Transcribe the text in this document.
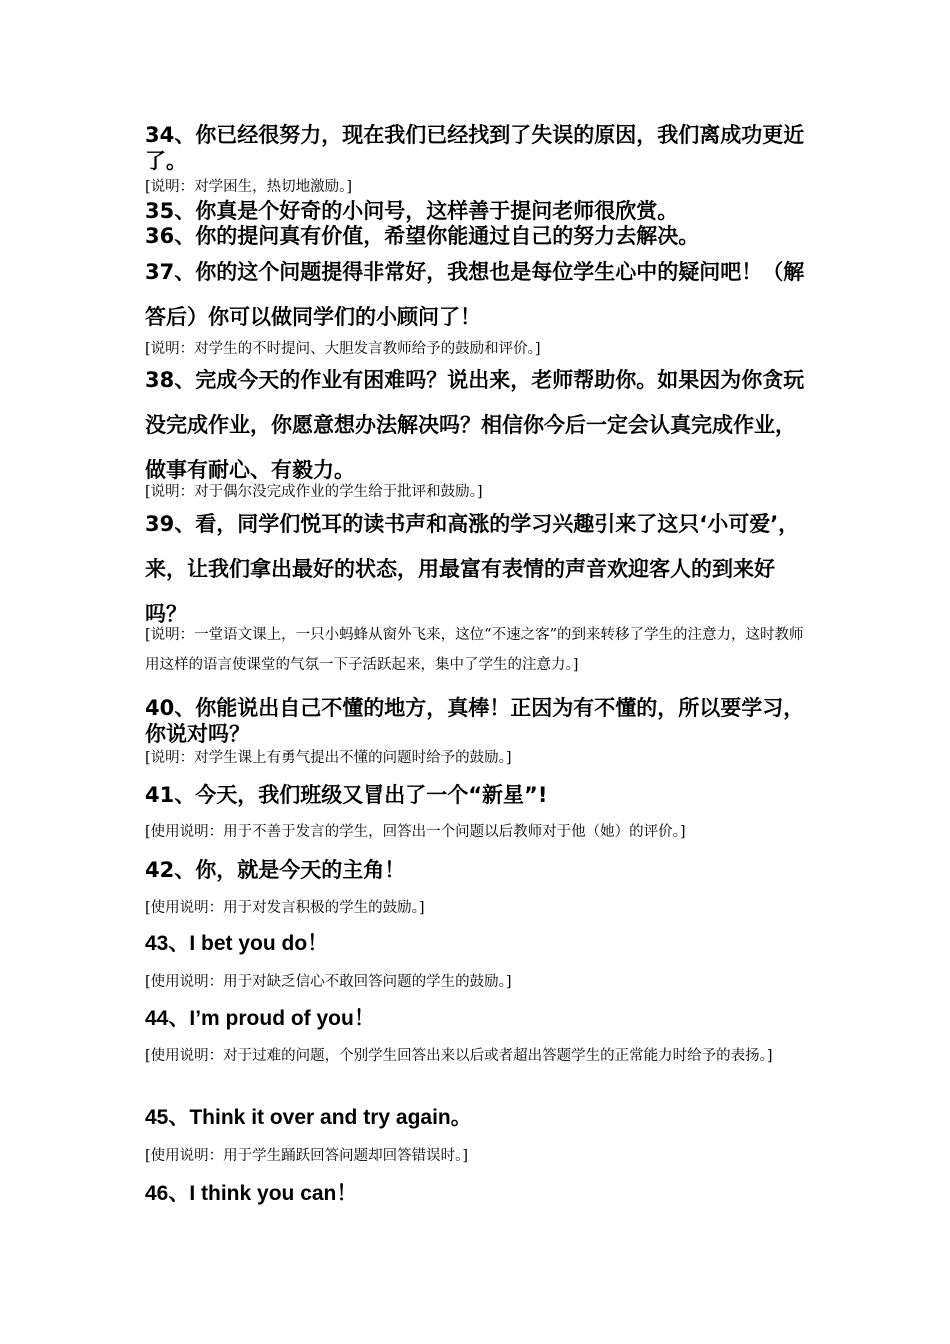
34、你已经很努力，现在我们已经找到了失误的原因，我们离成功更近了。
[说明：对学困生，热切地激励。]
35、你真是个好奇的小问号，这样善于提问老师很欣赏。
36、你的提问真有价值，希望你能通过自己的努力去解决。
37、你的这个问题提得非常好，我想也是每位学生心中的疑问吧！（解答后）你可以做同学们的小顾问了！
[说明：对学生的不时提问、大胆发言教师给予的鼓励和评价。]
38、完成今天的作业有困难吗？说出来，老师帮助你。如果因为你贪玩没完成作业，你愿意想办法解决吗？相信你今后一定会认真完成作业，做事有耐心、有毅力。
[说明：对于偶尔没完成作业的学生给于批评和鼓励。]
39、看，同学们悦耳的读书声和高涨的学习兴趣引来了这只‘小可爱’，来，让我们拿出最好的状态，用最富有表情的声音欢迎客人的到来好吗？
[说明：一堂语文课上，一只小蚂蜂从窗外飞来，这位“不速之客”的到来转移了学生的注意力，这时教师用这样的语言使课堂的气氛一下子活跃起来，集中了学生的注意力。]
40、你能说出自己不懂的地方，真棒！正因为有不懂的，所以要学习，你说对吗？
[说明：对学生课上有勇气提出不懂的问题时给予的鼓励。]
41、今天，我们班级又冒出了一个“新星”!
[使用说明：用于不善于发言的学生，回答出一个问题以后教师对于他（她）的评价。]
42、你，就是今天的主角！
[使用说明：用于对发言积极的学生的鼓励。]
43、I bet you do！
[使用说明：用于对缺乏信心不敢回答问题的学生的鼓励。]
44、I’m proud of you！
[使用说明：对于过难的问题，个别学生回答出来以后或者超出答题学生的正常能力时给予的表扬。]
45、Think it over and try again。
[使用说明：用于学生踊跃回答问题却回答错误时。]
46、I think you can！
